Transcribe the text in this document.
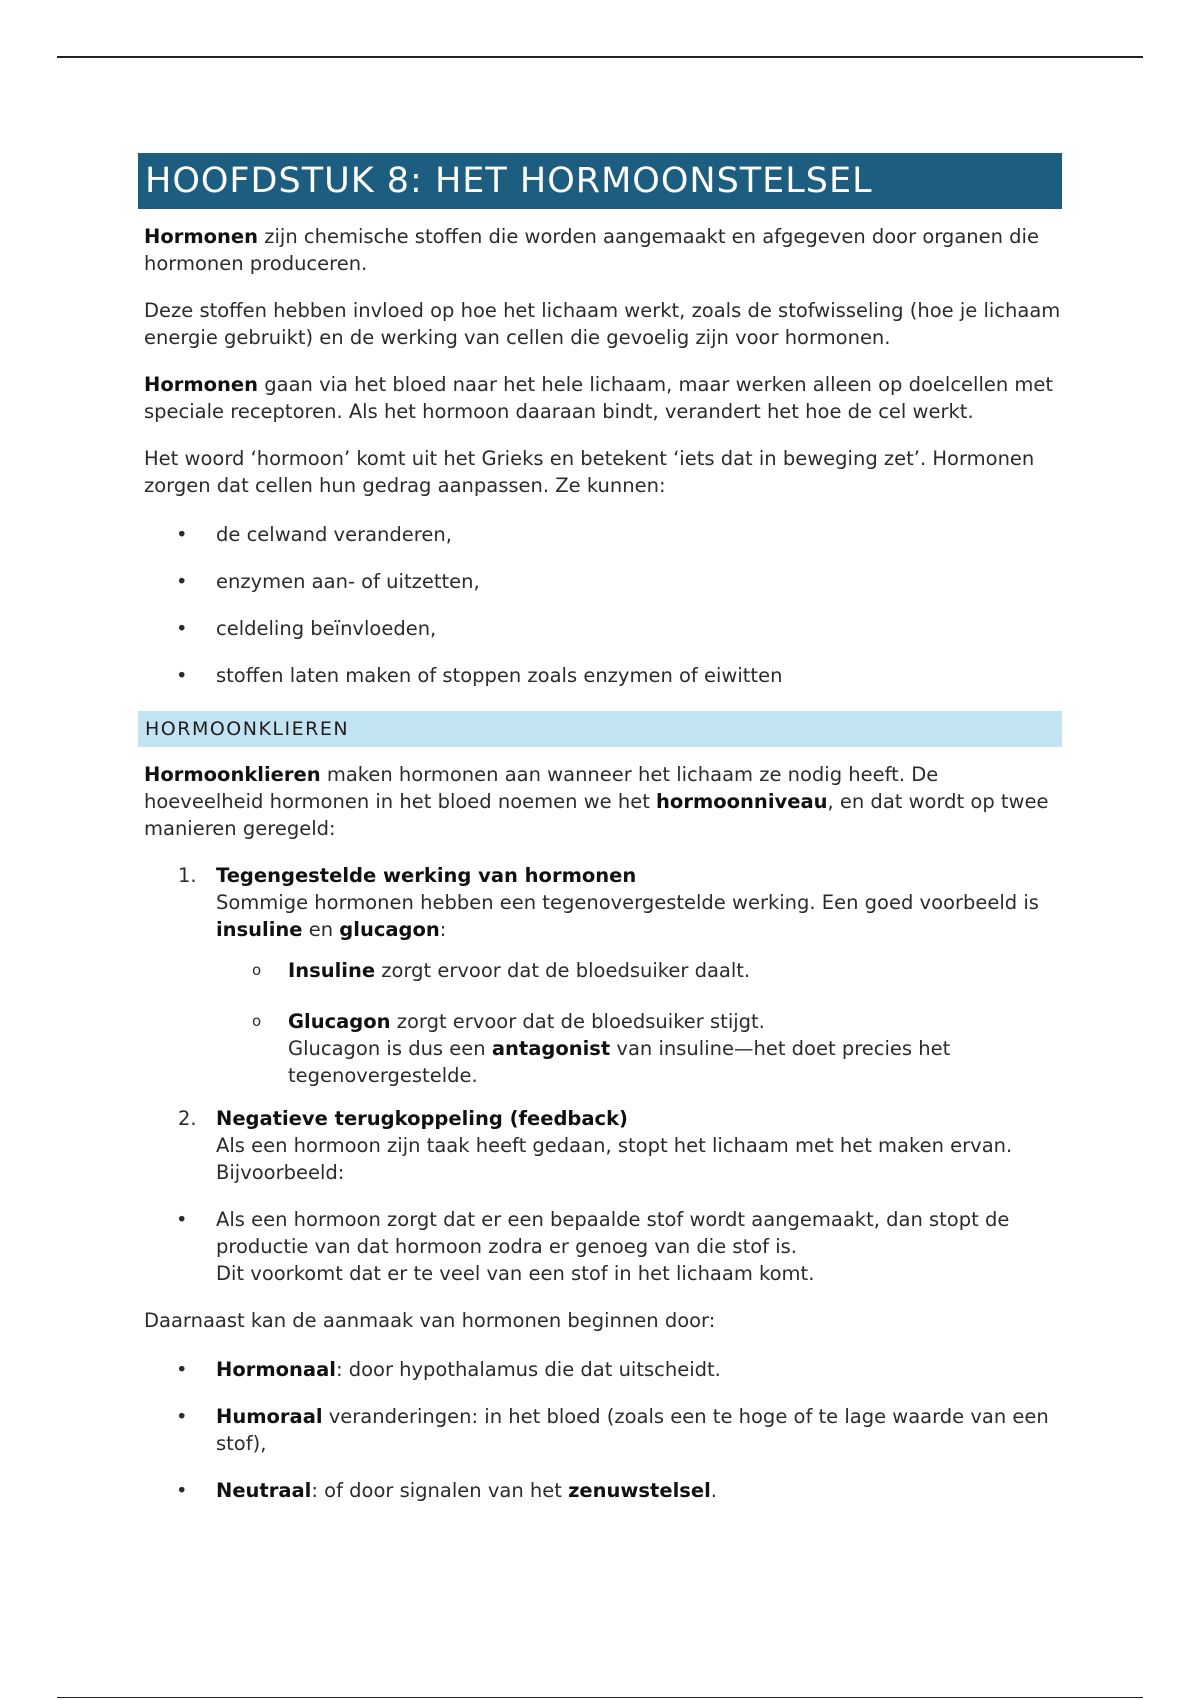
HOOFDSTUK 8: HET HORMOONSTELSEL

Hormonen zijn chemische stoffen die worden aangemaakt en afgegeven door organen die hormonen produceren.

Deze stoffen hebben invloed op hoe het lichaam werkt, zoals de stofwisseling (hoe je lichaam energie gebruikt) en de werking van cellen die gevoelig zijn voor hormonen.

Hormonen gaan via het bloed naar het hele lichaam, maar werken alleen op doelcellen met speciale receptoren. Als het hormoon daaraan bindt, verandert het hoe de cel werkt.

Het woord ‘hormoon’ komt uit het Grieks en betekent ‘iets dat in beweging zet’. Hormonen zorgen dat cellen hun gedrag aanpassen. Ze kunnen:

• de celwand veranderen,
• enzymen aan- of uitzetten,
• celdeling beïnvloeden,
• stoffen laten maken of stoppen zoals enzymen of eiwitten
HORMOONKLIEREN

Hormoonklieren maken hormonen aan wanneer het lichaam ze nodig heeft. De hoeveelheid hormonen in het bloed noemen we het hormoonniveau, en dat wordt op twee manieren geregeld:

1. Tegengestelde werking van hormonen
Sommige hormonen hebben een tegenovergestelde werking. Een goed voorbeeld is insuline en glucagon:
o Insuline zorgt ervoor dat de bloedsuiker daalt.
o Glucagon zorgt ervoor dat de bloedsuiker stijgt.
Glucagon is dus een antagonist van insuline—het doet precies het tegenovergestelde.
2. Negatieve terugkoppeling (feedback)
Als een hormoon zijn taak heeft gedaan, stopt het lichaam met het maken ervan. Bijvoorbeeld:
• Als een hormoon zorgt dat er een bepaalde stof wordt aangemaakt, dan stopt de productie van dat hormoon zodra er genoeg van die stof is.
Dit voorkomt dat er te veel van een stof in het lichaam komt.

Daarnaast kan de aanmaak van hormonen beginnen door:

• Hormonaal: door hypothalamus die dat uitscheidt.
• Humoraal veranderingen: in het bloed (zoals een te hoge of te lage waarde van een stof),
• Neutraal: of door signalen van het zenuwstelsel.
